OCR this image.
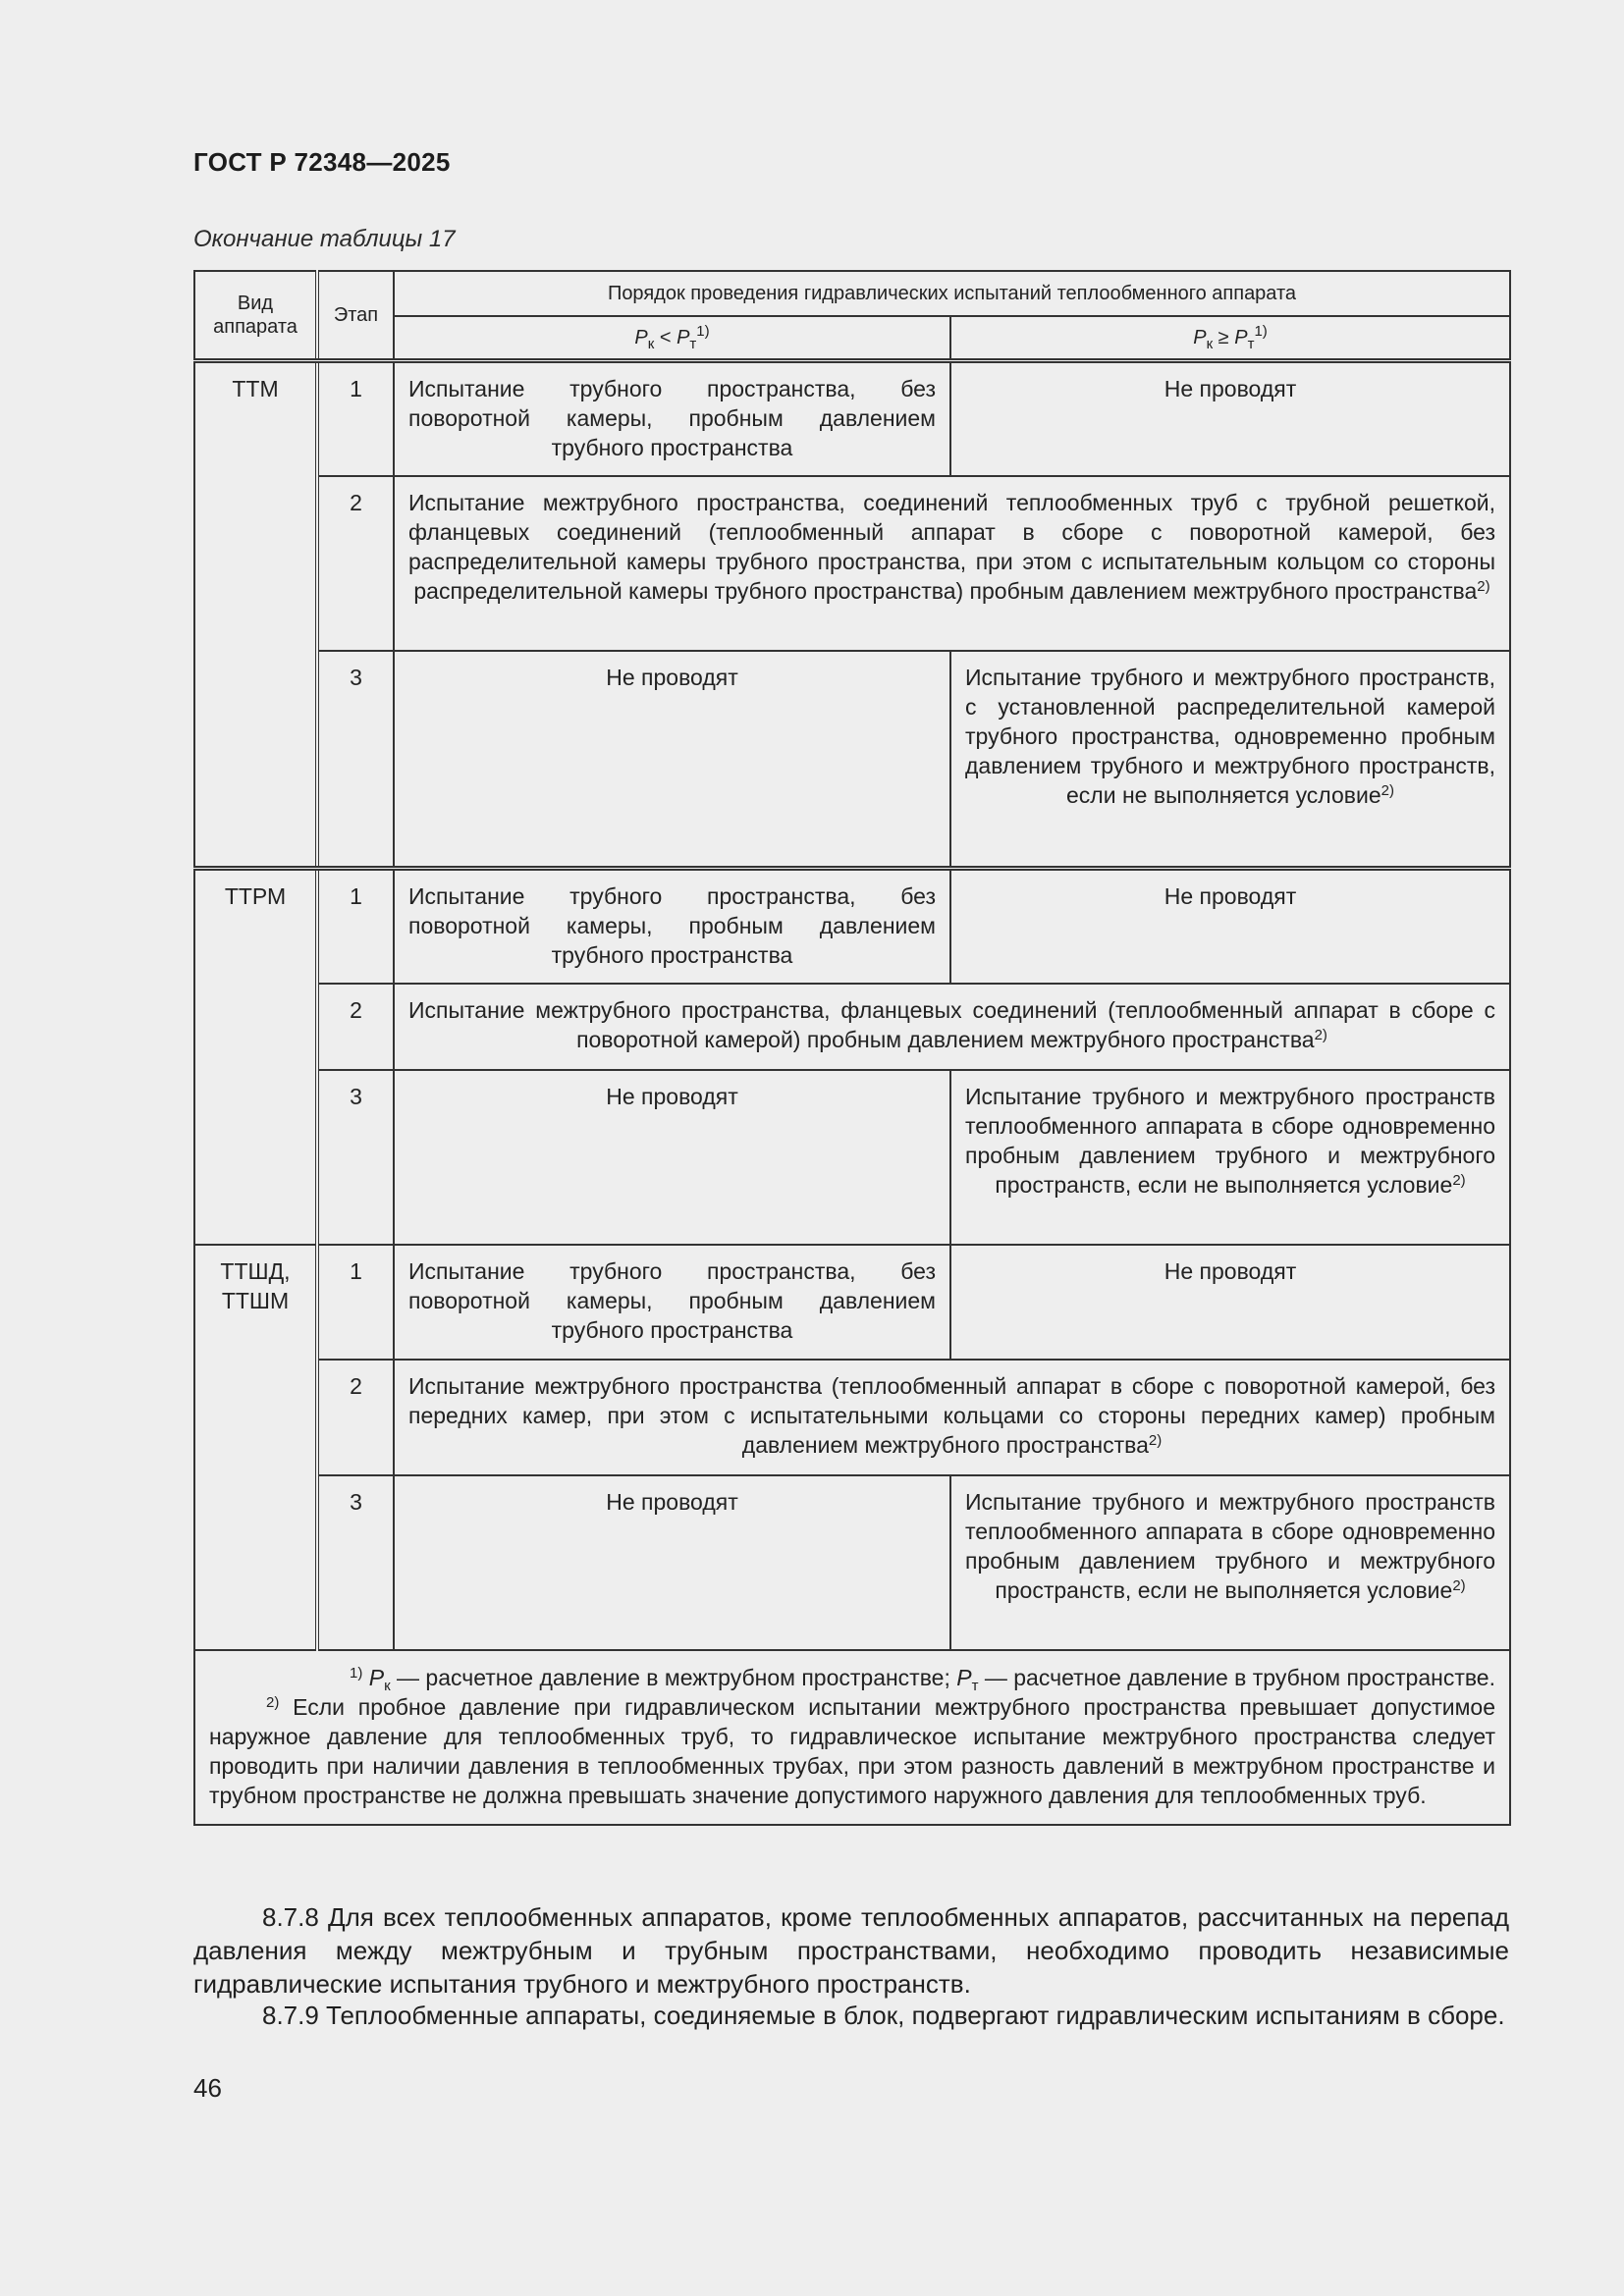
ГОСТ Р 72348—2025
Окончание таблицы 17
Вид аппарата	Этап	Порядок проведения гидравлических испытаний теплообменного аппарата	
		$P_к < P_т^{1)}$	$P_к \ge P_т^{1)}$
ТТМ	1	Испытание трубного пространства, без поворотной камеры, пробным давлением трубного пространства	Не проводят
	2	Испытание межтрубного пространства, соединений теплообменных труб с трубной решеткой, фланцевых соединений (теплообменный аппарат в сборе с поворотной камерой, без распределительной камеры трубного пространства, при этом с испытательным кольцом со стороны распределительной камеры трубного пространства) пробным давлением межтрубного пространства$^{2)}$
	3	Не проводят	Испытание трубного и межтрубного пространств, с установленной распределительной камерой трубного пространства, одновременно пробным давлением трубного и межтрубного пространств, если не выполняется условие$^{2)}$
ТТРМ	1	Испытание трубного пространства, без поворотной камеры, пробным давлением трубного пространства	Не проводят
	2	Испытание межтрубного пространства, фланцевых соединений (теплообменный аппарат в сборе с поворотной камерой) пробным давлением межтрубного пространства$^{2)}$
	3	Не проводят	Испытание трубного и межтрубного пространств теплообменного аппарата в сборе одновременно пробным давлением трубного и межтрубного пространств, если не выполняется условие$^{2)}$
ТТШД, ТТШМ	1	Испытание трубного пространства, без поворотной камеры, пробным давлением трубного пространства	Не проводят
	2	Испытание межтрубного пространства (теплообменный аппарат в сборе с поворотной камерой, без передних камер, при этом с испытательными кольцами со стороны передних камер) пробным давлением межтрубного пространства$^{2)}$
	3	Не проводят	Испытание трубного и межтрубного пространств теплообменного аппарата в сборе одновременно пробным давлением трубного и межтрубного пространств, если не выполняется условие$^{2)}$

$^{1)}$ $P_к$ — расчетное давление в межтрубном пространстве; $P_т$ — расчетное давление в трубном пространстве.
$^{2)}$ Если пробное давление при гидравлическом испытании межтрубного пространства превышает допустимое наружное давление для теплообменных труб, то гидравлическое испытание межтрубного пространства следует проводить при наличии давления в теплообменных трубах, при этом разность давлений в межтрубном пространстве и трубном пространстве не должна превышать значение допустимого наружного давления для теплообменных труб.			
8.7.8 Для всех теплообменных аппаратов, кроме теплообменных аппаратов, рассчитанных на перепад давления между межтрубным и трубным пространствами, необходимо проводить независимые гидравлические испытания трубного и межтрубного пространств.
8.7.9 Теплообменные аппараты, соединяемые в блок, подвергают гидравлическим испытаниям в сборе.
46
